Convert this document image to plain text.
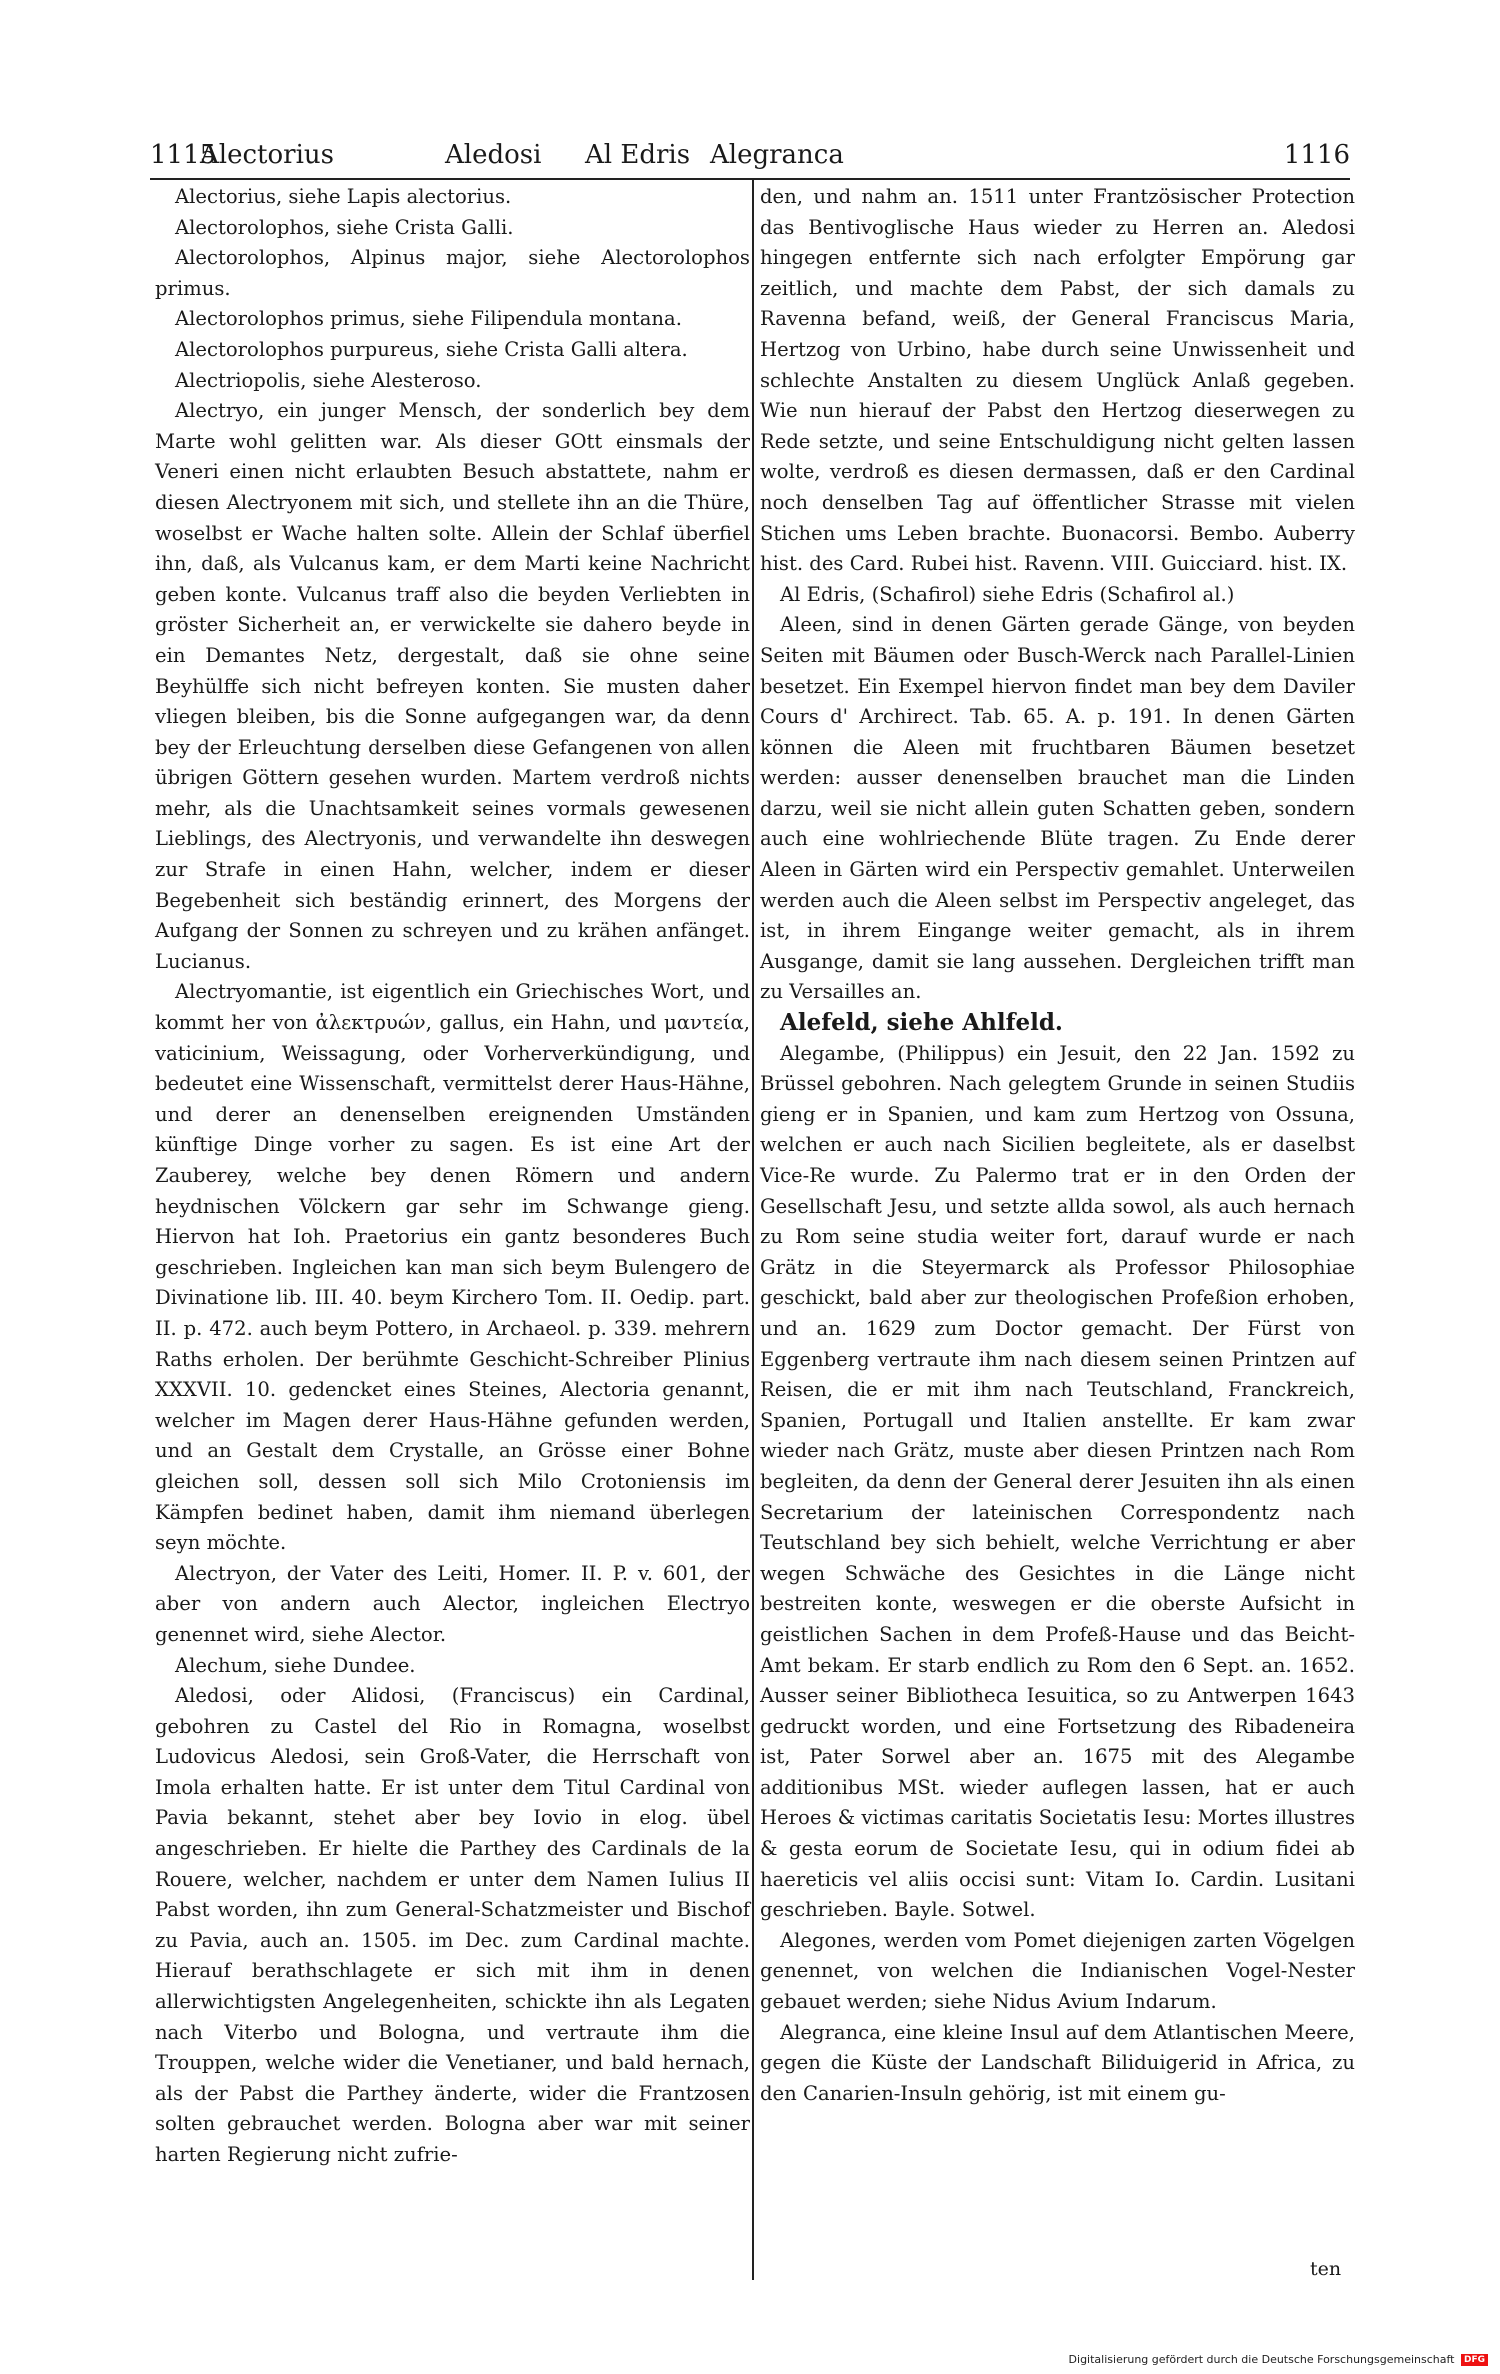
1115
Alectorius	Aledosi Al Edris Alegranca	1116

Alectorius, siehe Lapis alectorius.

Alectorolophos, siehe Crista Galli.

Alectorolophos, Alpinus major, siehe Alectorolophos primus.

Alectorolophos primus, siehe Filipendula montana.

Alectorolophos purpureus, siehe Crista Galli altera.

Alectriopolis, siehe Alesteroso.

Alectryo, ein junger Mensch, der sonderlich bey dem Marte wohl gelitten war. Als dieser GOtt einsmals der Veneri einen nicht erlaubten Besuch abstattete, nahm er diesen Alectryonem mit sich, und stellete ihn an die Thüre, woselbst er Wache halten solte. Allein der Schlaf überfiel ihn, daß, als Vulcanus kam, er dem Marti keine Nachricht geben konte. Vulcanus traff also die beyden Verliebten in gröster Sicherheit an, er verwickelte sie dahero beyde in ein Demantes Netz, dergestalt, daß sie ohne seine Beyhülffe sich nicht befreyen konten. Sie musten daher vliegen bleiben, bis die Sonne aufgegangen war, da denn bey der Erleuchtung derselben diese Gefangenen von allen übrigen Göttern gesehen wurden. Martem verdroß nichts mehr, als die Unachtsamkeit seines vormals gewesenen Lieblings, des Alectryonis, und verwandelte ihn deswegen zur Strafe in einen Hahn, welcher, indem er dieser Begebenheit sich beständig erinnert, des Morgens der Aufgang der Sonnen zu schreyen und zu krähen anfänget. Lucianus.

Alectryomantie, ist eigentlich ein Griechisches Wort, und kommt her von ἀλεκτρυών, gallus, ein Hahn, und μαντεία, vaticinium, Weissagung, oder Vorherverkündigung, und bedeutet eine Wissenschaft, vermittelst derer Haus-Hähne, und derer an denenselben ereignenden Umständen künftige Dinge vorher zu sagen. Es ist eine Art der Zauberey, welche bey denen Römern und andern heydnischen Völckern gar sehr im Schwange gieng. Hiervon hat Ioh. Praetorius ein gantz besonderes Buch geschrieben. Ingleichen kan man sich beym Bulengero de Divinatione lib. III. 40. beym Kirchero Tom. II. Oedip. part. II. p. 472. auch beym Pottero, in Archaeol. p. 339. mehrern Raths erholen. Der berühmte Geschicht-Schreiber Plinius XXXVII. 10. gedencket eines Steines, Alectoria genannt, welcher im Magen derer Haus-Hähne gefunden werden, und an Gestalt dem Crystalle, an Grösse einer Bohne gleichen soll, dessen soll sich Milo Crotoniensis im Kämpfen bedinet haben, damit ihm niemand überlegen seyn möchte.

Alectryon, der Vater des Leiti, Homer. II. P. v. 601, der aber von andern auch Alector, ingleichen Electryo genennet wird, siehe Alector.

Alechum, siehe Dundee.

Aledosi, oder Alidosi, (Franciscus) ein Cardinal, gebohren zu Castel del Rio in Romagna, woselbst Ludovicus Aledosi, sein Groß-Vater, die Herrschaft von Imola erhalten hatte. Er ist unter dem Titul Cardinal von Pavia bekannt, stehet aber bey Iovio in elog. übel angeschrieben. Er hielte die Parthey des Cardinals de la Rouere, welcher, nachdem er unter dem Namen Iulius II Pabst worden, ihn zum General-Schatzmeister und Bischof zu Pavia, auch an. 1505. im Dec. zum Cardinal machte. Hierauf berathschlagete er sich mit ihm in denen allerwichtigsten Angelegenheiten, schickte ihn als Legaten nach Viterbo und Bologna, und vertraute ihm die Trouppen, welche wider die Venetianer, und bald hernach, als der Pabst die Parthey änderte, wider die Frantzosen solten gebrauchet werden. Bologna aber war mit seiner harten Regierung nicht zufrie-

den, und nahm an. 1511 unter Frantzösischer Protection das Bentivoglische Haus wieder zu Herren an. Aledosi hingegen entfernte sich nach erfolgter Empörung gar zeitlich, und machte dem Pabst, der sich damals zu Ravenna befand, weiß, der General Franciscus Maria, Hertzog von Urbino, habe durch seine Unwissenheit und schlechte Anstalten zu diesem Unglück Anlaß gegeben. Wie nun hierauf der Pabst den Hertzog dieserwegen zu Rede setzte, und seine Entschuldigung nicht gelten lassen wolte, verdroß es diesen dermassen, daß er den Cardinal noch denselben Tag auf öffentlicher Strasse mit vielen Stichen ums Leben brachte. Buonacorsi. Bembo. Auberry hist. des Card. Rubei hist. Ravenn. VIII. Guicciard. hist. IX.

Al Edris, (Schafirol) siehe Edris (Schafirol al.)

Aleen, sind in denen Gärten gerade Gänge, von beyden Seiten mit Bäumen oder Busch-Werck nach Parallel-Linien besetzet. Ein Exempel hiervon findet man bey dem Daviler Cours d' Archirect. Tab. 65. A. p. 191. In denen Gärten können die Aleen mit fruchtbaren Bäumen besetzet werden: ausser denenselben brauchet man die Linden darzu, weil sie nicht allein guten Schatten geben, sondern auch eine wohlriechende Blüte tragen. Zu Ende derer Aleen in Gärten wird ein Perspectiv gemahlet. Unterweilen werden auch die Aleen selbst im Perspectiv angeleget, das ist, in ihrem Eingange weiter gemacht, als in ihrem Ausgange, damit sie lang aussehen. Dergleichen trifft man zu Versailles an.

Alefeld, siehe Ahlfeld.

Alegambe, (Philippus) ein Jesuit, den 22 Jan. 1592 zu Brüssel gebohren. Nach gelegtem Grunde in seinen Studiis gieng er in Spanien, und kam zum Hertzog von Ossuna, welchen er auch nach Sicilien begleitete, als er daselbst Vice-Re wurde. Zu Palermo trat er in den Orden der Gesellschaft Jesu, und setzte allda sowol, als auch hernach zu Rom seine studia weiter fort, darauf wurde er nach Grätz in die Steyermarck als Professor Philosophiae geschickt, bald aber zur theologischen Profeßion erhoben, und an. 1629 zum Doctor gemacht. Der Fürst von Eggenberg vertraute ihm nach diesem seinen Printzen auf Reisen, die er mit ihm nach Teutschland, Franckreich, Spanien, Portugall und Italien anstellte. Er kam zwar wieder nach Grätz, muste aber diesen Printzen nach Rom begleiten, da denn der General derer Jesuiten ihn als einen Secretarium der lateinischen Correspondentz nach Teutschland bey sich behielt, welche Verrichtung er aber wegen Schwäche des Gesichtes in die Länge nicht bestreiten konte, weswegen er die oberste Aufsicht in geistlichen Sachen in dem Profeß-Hause und das Beicht-Amt bekam. Er starb endlich zu Rom den 6 Sept. an. 1652. Ausser seiner Bibliotheca Iesuitica, so zu Antwerpen 1643 gedruckt worden, und eine Fortsetzung des Ribadeneira ist, Pater Sorwel aber an. 1675 mit des Alegambe additionibus MSt. wieder auflegen lassen, hat er auch Heroes & victimas caritatis Societatis Iesu: Mortes illustres & gesta eorum de Societate Iesu, qui in odium fidei ab haereticis vel aliis occisi sunt: Vitam Io. Cardin. Lusitani geschrieben. Bayle. Sotwel.

Alegones, werden vom Pomet diejenigen zarten Vögelgen genennet, von welchen die Indianischen Vogel-Nester gebauet werden; siehe Nidus Avium Indarum.

Alegranca, eine kleine Insul auf dem Atlantischen Meere, gegen die Küste der Landschaft Biliduigerid in Africa, zu den Canarien-Insuln gehörig, ist mit einem gu-

ten
Digitalisierung gefördert durch die Deutsche Forschungsgemeinschaft DFG
